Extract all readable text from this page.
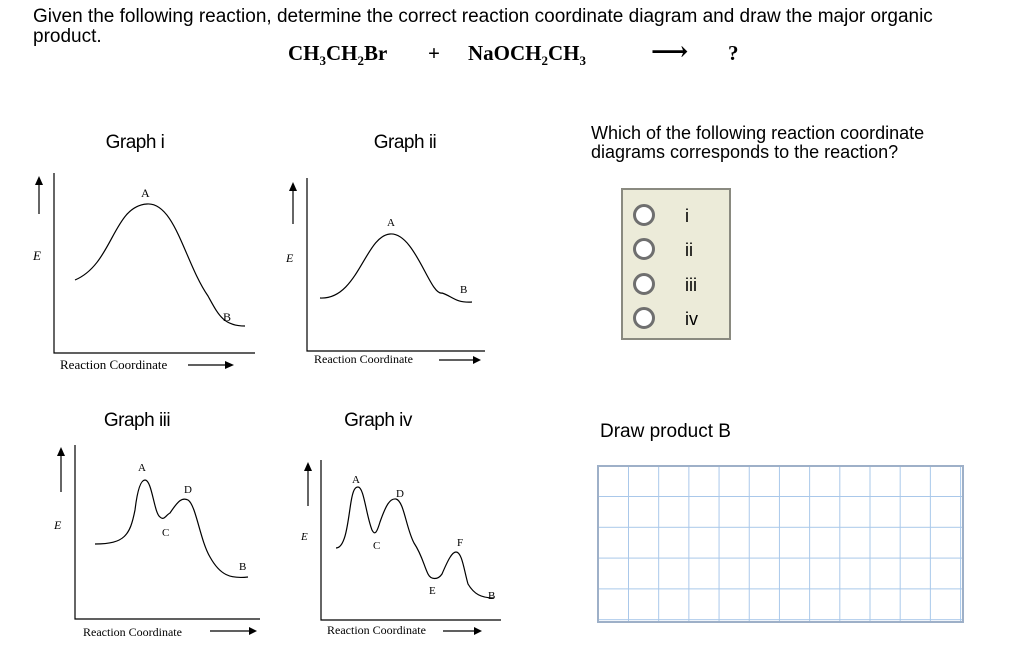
Given the following reaction, determine the correct reaction coordinate diagram and draw the major organic product.

$CH_3CH_2Br$ + $NaOCH_2CH_3$	⟶ ?
Graph i
E
A
B
Reaction Coordinate
Graph ii
E
A
B
Reaction Coordinate
Graph iii
E
A
D
C
B
Reaction Coordinate
Graph iv
E
A
D
C	F
E	B
Reaction Coordinate

Which of the following reaction coordinate diagrams corresponds to the reaction?

i
ii
iii
iv
Draw product B
